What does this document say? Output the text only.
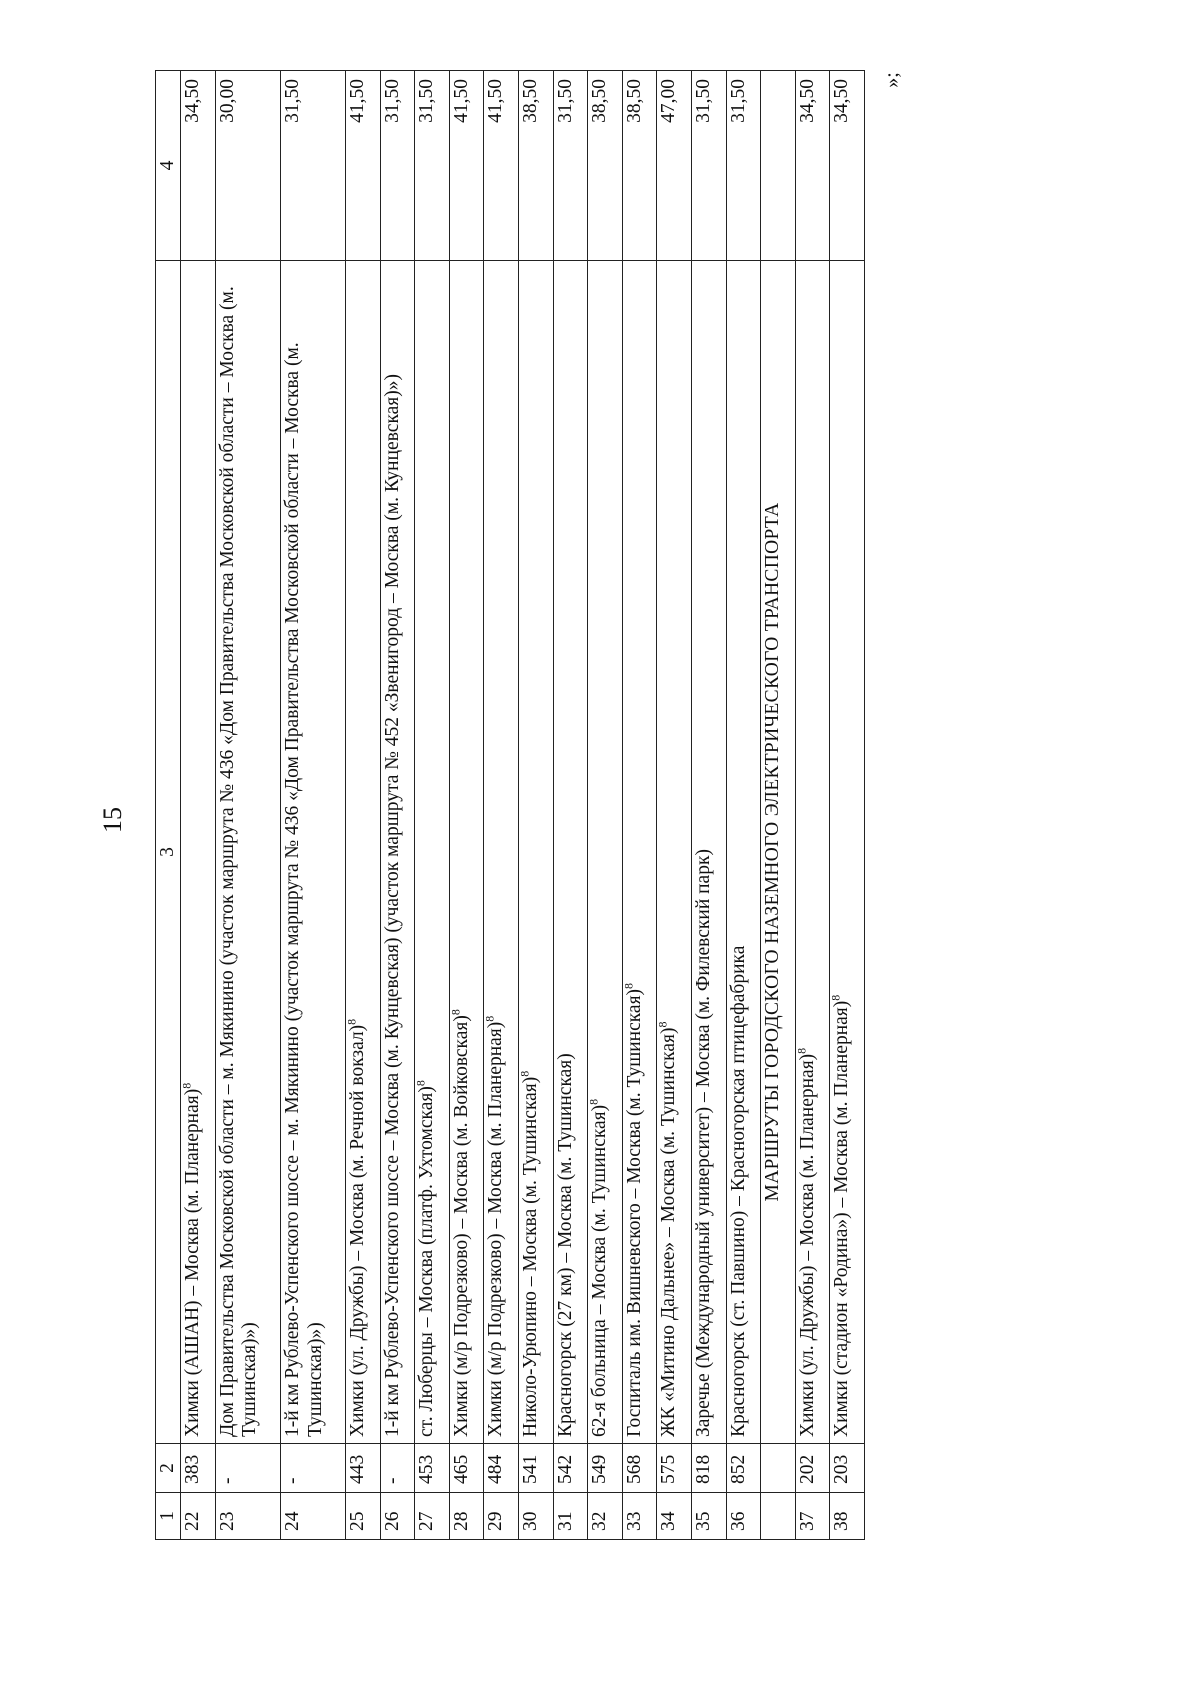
15
1	2	3	4
22	383	Химки (АШАН) – Москва (м. Планерная)$^8$	34,50
23	-	Дом Правительства Московской области – м. Мякинино (участок маршрута № 436 «Дом Правительства Московской области – Москва (м. Тушинская)»)	30,00
24	-	1-й км Рублево-Успенского шоссе – м. Мякинино (участок маршрута № 436 «Дом Правительства Московской области – Москва (м. Тушинская)»)	31,50
25	443	Химки (ул. Дружбы) – Москва (м. Речной вокзал)$^8$	41,50
26	-	1-й км Рублево-Успенского шоссе – Москва (м. Кунцевская) (участок маршрута № 452 «Звенигород – Москва (м. Кунцевская)»)	31,50
27	453	ст. Люберцы – Москва (платф. Ухтомская)$^8$	31,50
28	465	Химки (м/р Подрезково) – Москва (м. Войковская)$^8$	41,50
29	484	Химки (м/р Подрезково) – Москва (м. Планерная)$^8$	41,50
30	541	Николо-Урюпино – Москва (м. Тушинская)$^8$	38,50
31	542	Красногорск (27 км) – Москва (м. Тушинская)	31,50
32	549	62-я больница – Москва (м. Тушинская)$^8$	38,50
33	568	Госпиталь им. Вишневского – Москва (м. Тушинская)$^8$	38,50
34	575	ЖК «Митино Дальнее» – Москва (м. Тушинская)$^8$	47,00
35	818	Заречье (Международный университет) – Москва (м. Филевский парк)	31,50
36	852	Красногорск (ст. Павшино) – Красногорская птицефабрика	31,50
		МАРШРУТЫ ГОРОДСКОГО НАЗЕМНОГО ЭЛЕКТРИЧЕСКОГО ТРАНСПОРТА	
37	202	Химки (ул. Дружбы) – Москва (м. Планерная)$^8$	34,50
38	203	Химки (стадион «Родина») – Москва (м. Планерная)$^8$	34,50	»;
